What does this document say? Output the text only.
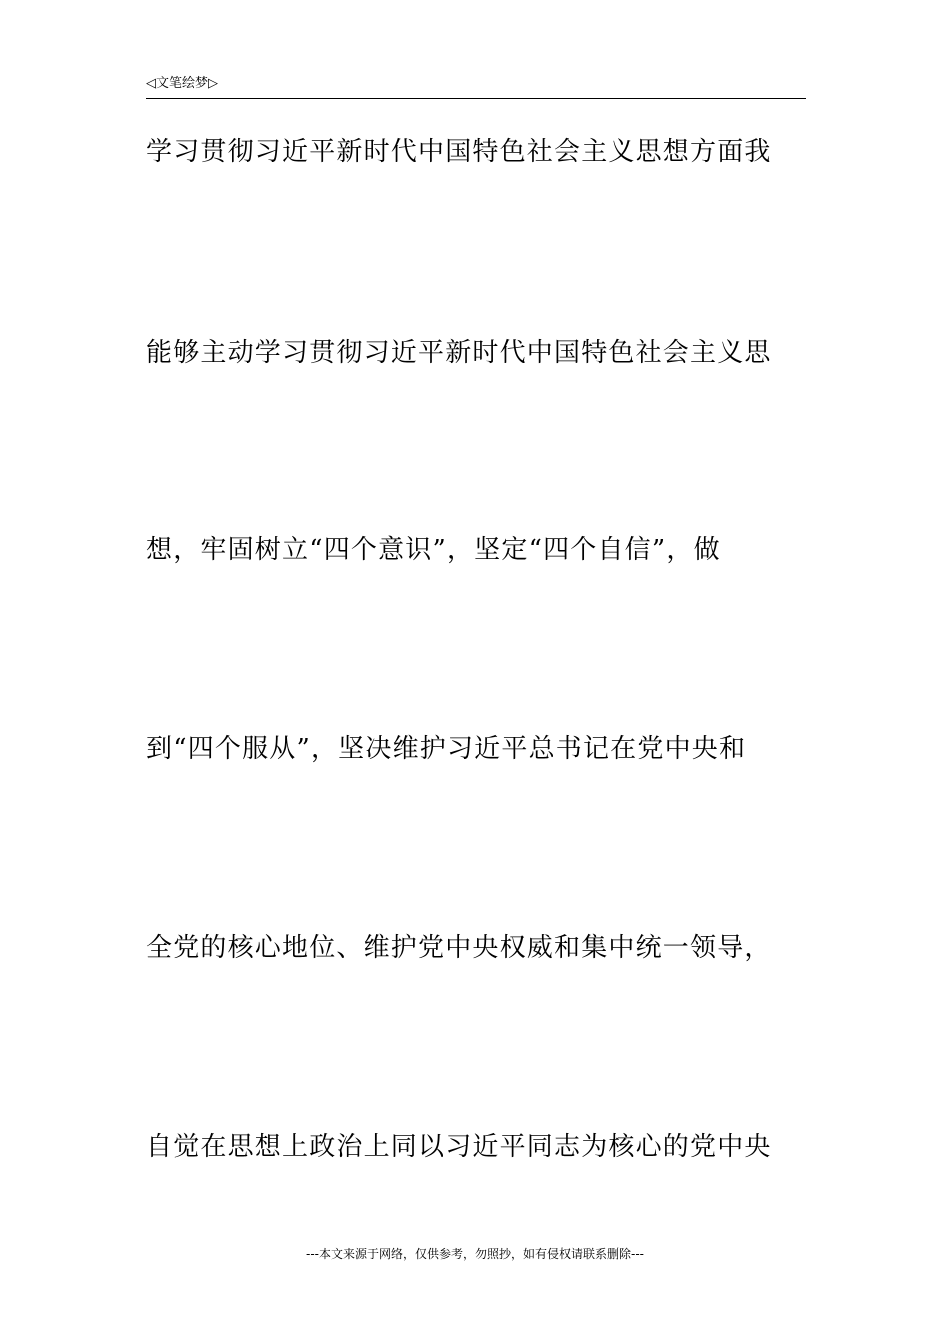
◁文笔绘梦▷
学习贯彻习近平新时代中国特色社会主义思想方面我
能够主动学习贯彻习近平新时代中国特色社会主义思
想，牢固树立“四个意识”，坚定“四个自信”，做
到“四个服从”，坚决维护习近平总书记在党中央和
全党的核心地位、维护党中央权威和集中统一领导，
自觉在思想上政治上同以习近平同志为核心的党中央
---本文来源于网络，仅供参考，勿照抄，如有侵权请联系删除---
